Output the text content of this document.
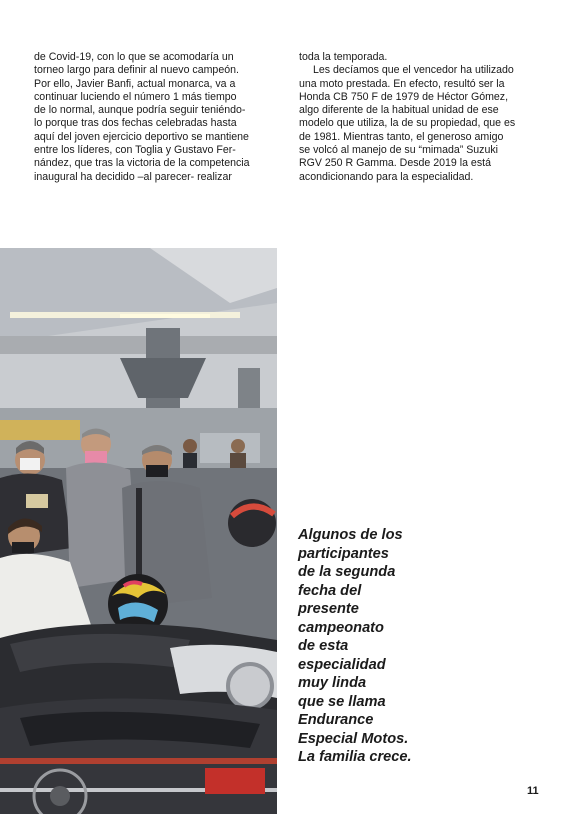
de Covid-19, con lo que se acomodaría un

torneo largo para definir al nuevo campeón.

Por ello, Javier Banfi, actual monarca, va a

continuar luciendo el número 1 más tiempo

de lo normal, aunque podría seguir teniéndo-

lo porque tras dos fechas celebradas hasta

aquí del joven ejercicio deportivo se mantiene

entre los líderes, con Toglia y Gustavo Fer-

nández, que tras la victoria de la competencia

inaugural ha decidido –al parecer- realizar

toda la temporada.

Les decíamos que el vencedor ha utilizado

una moto prestada. En efecto, resultó ser la

Honda CB 750 F de 1979 de Héctor Gómez,

algo diferente de la habitual unidad de ese

modelo que utiliza, la de su propiedad, que es

de 1981. Mientras tanto, el generoso amigo

se volcó al manejo de su “mimada” Suzuki

RGV 250 R Gamma. Desde 2019 la está

acondicionando para la especialidad.

Algunos de los

participantes

de la segunda

fecha del

presente

campeonato

de esta

especialidad

muy linda

que se llama

Endurance

Especial Motos.

La familia crece.

11
